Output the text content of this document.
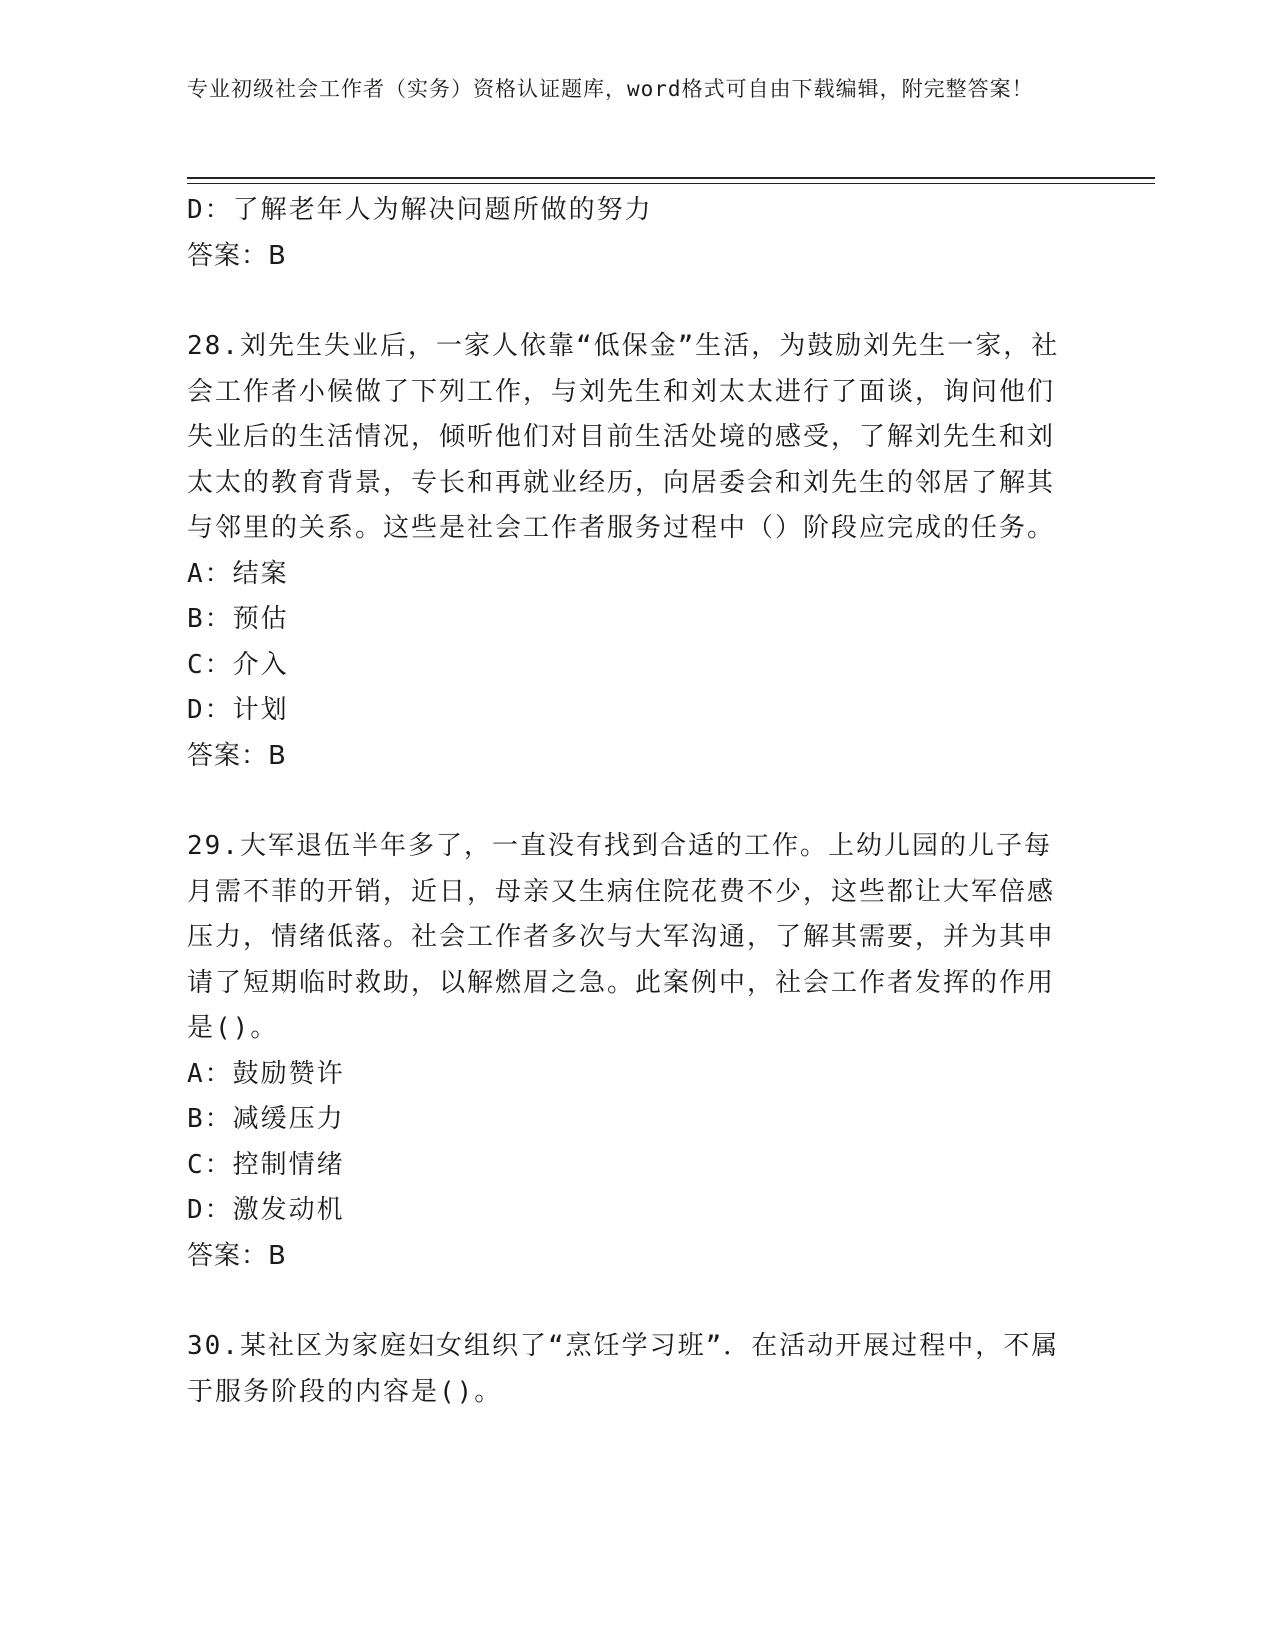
专业初级社会工作者（实务）资格认证题库，word格式可自由下载编辑，附完整答案！
D：了解老年人为解决问题所做的努力
答案：B
28.刘先生失业后，一家人依靠“低保金”生活，为鼓励刘先生一家，社会工作者小候做了下列工作，与刘先生和刘太太进行了面谈，询问他们失业后的生活情况，倾听他们对目前生活处境的感受，了解刘先生和刘太太的教育背景，专长和再就业经历，向居委会和刘先生的邻居了解其与邻里的关系。这些是社会工作者服务过程中（）阶段应完成的任务。
A：结案
B：预估
C：介入
D：计划
答案：B
29.大军退伍半年多了，一直没有找到合适的工作。上幼儿园的儿子每月需不菲的开销，近日，母亲又生病住院花费不少，这些都让大军倍感压力，情绪低落。社会工作者多次与大军沟通，了解其需要，并为其申请了短期临时救助，以解燃眉之急。此案例中，社会工作者发挥的作用是()。
A：鼓励赞许
B：减缓压力
C：控制情绪
D：激发动机
答案：B
30.某社区为家庭妇女组织了“烹饪学习班”．在活动开展过程中，不属于服务阶段的内容是()。
